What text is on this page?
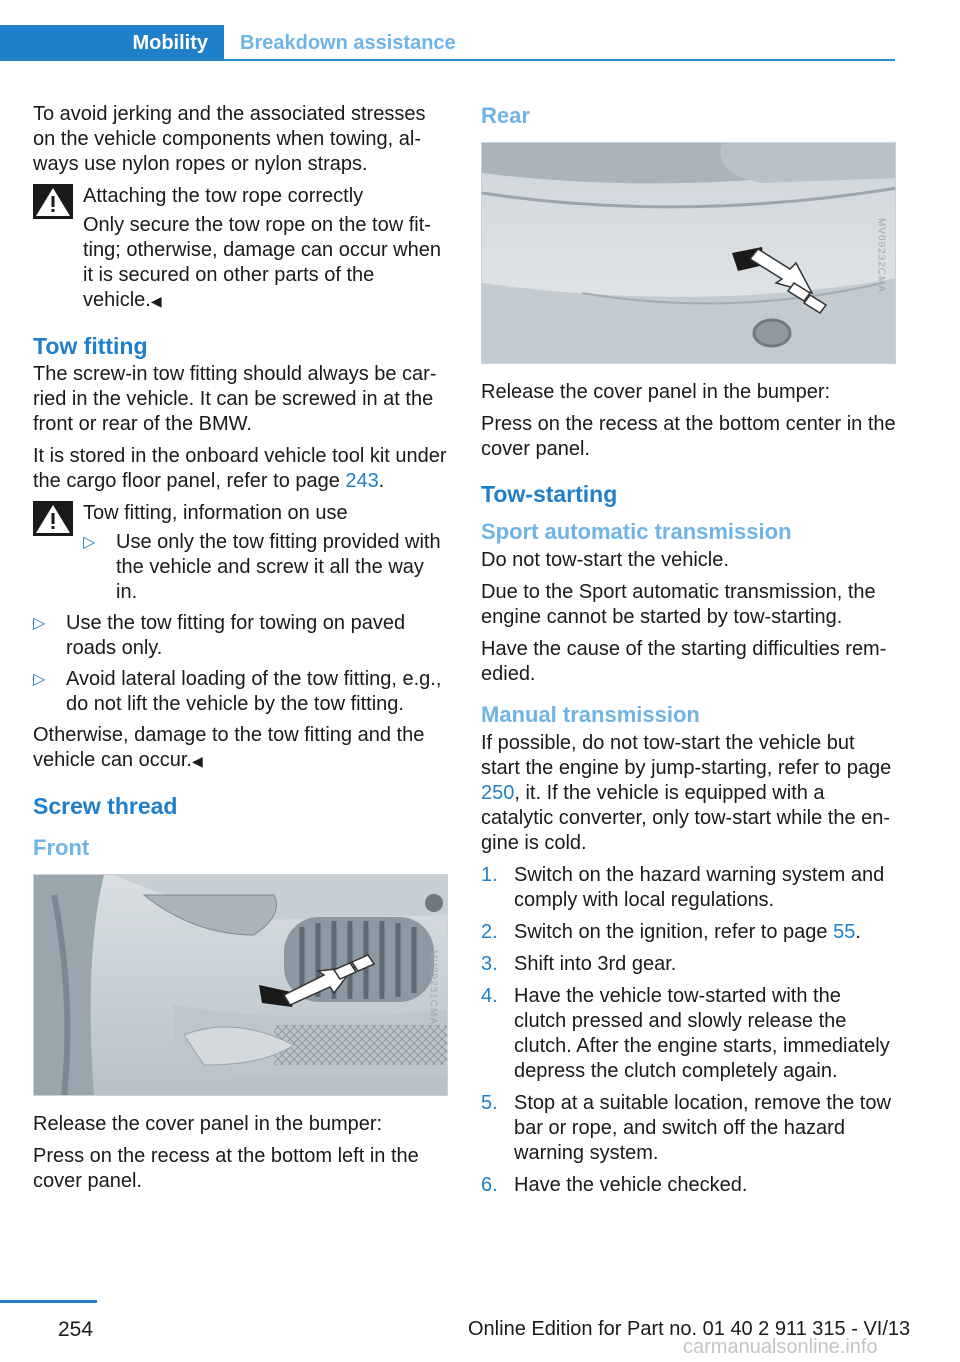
Mobility	Breakdown assistance

To avoid jerking and the associated stresses on the vehicle components when towing, always use nylon ropes or nylon straps.

Attaching the tow rope correctly

Only secure the tow rope on the tow fitting; otherwise, damage can occur when it is secured on other parts of the vehicle.◀

Tow fitting

The screw-in tow fitting should always be carried in the vehicle. It can be screwed in at the front or rear of the BMW.

It is stored in the onboard vehicle tool kit under the cargo floor panel, refer to page 243.

Tow fitting, information on use

▷ Use only the tow fitting provided with the vehicle and screw it all the way in.
▷ Use the tow fitting for towing on paved roads only.
▷ Avoid lateral loading of the tow fitting, e.g., do not lift the vehicle by the tow fitting.

Otherwise, damage to the tow fitting and the vehicle can occur.◀

Screw thread
Front
MV09231CMA

Release the cover panel in the bumper:

Press on the recess at the bottom left in the cover panel.

Rear
MV09232CMA

Release the cover panel in the bumper:

Press on the recess at the bottom center in the cover panel.

Tow-starting
Sport automatic transmission

Do not tow-start the vehicle.

Due to the Sport automatic transmission, the engine cannot be started by tow-starting.

Have the cause of the starting difficulties remedied.

Manual transmission

If possible, do not tow-start the vehicle but start the engine by jump-starting, refer to page 250, it. If the vehicle is equipped with a catalytic converter, only tow-start while the engine is cold.

1. Switch on the hazard warning system and comply with local regulations.
2. Switch on the ignition, refer to page 55.
3. Shift into 3rd gear.
4. Have the vehicle tow-started with the clutch pressed and slowly release the clutch. After the engine starts, immediately depress the clutch completely again.
5. Stop at a suitable location, remove the tow bar or rope, and switch off the hazard warning system.
6. Have the vehicle checked.
254	Online Edition for Part no. 01 40 2 911 315 - VI/13
carmanualsonline.info
